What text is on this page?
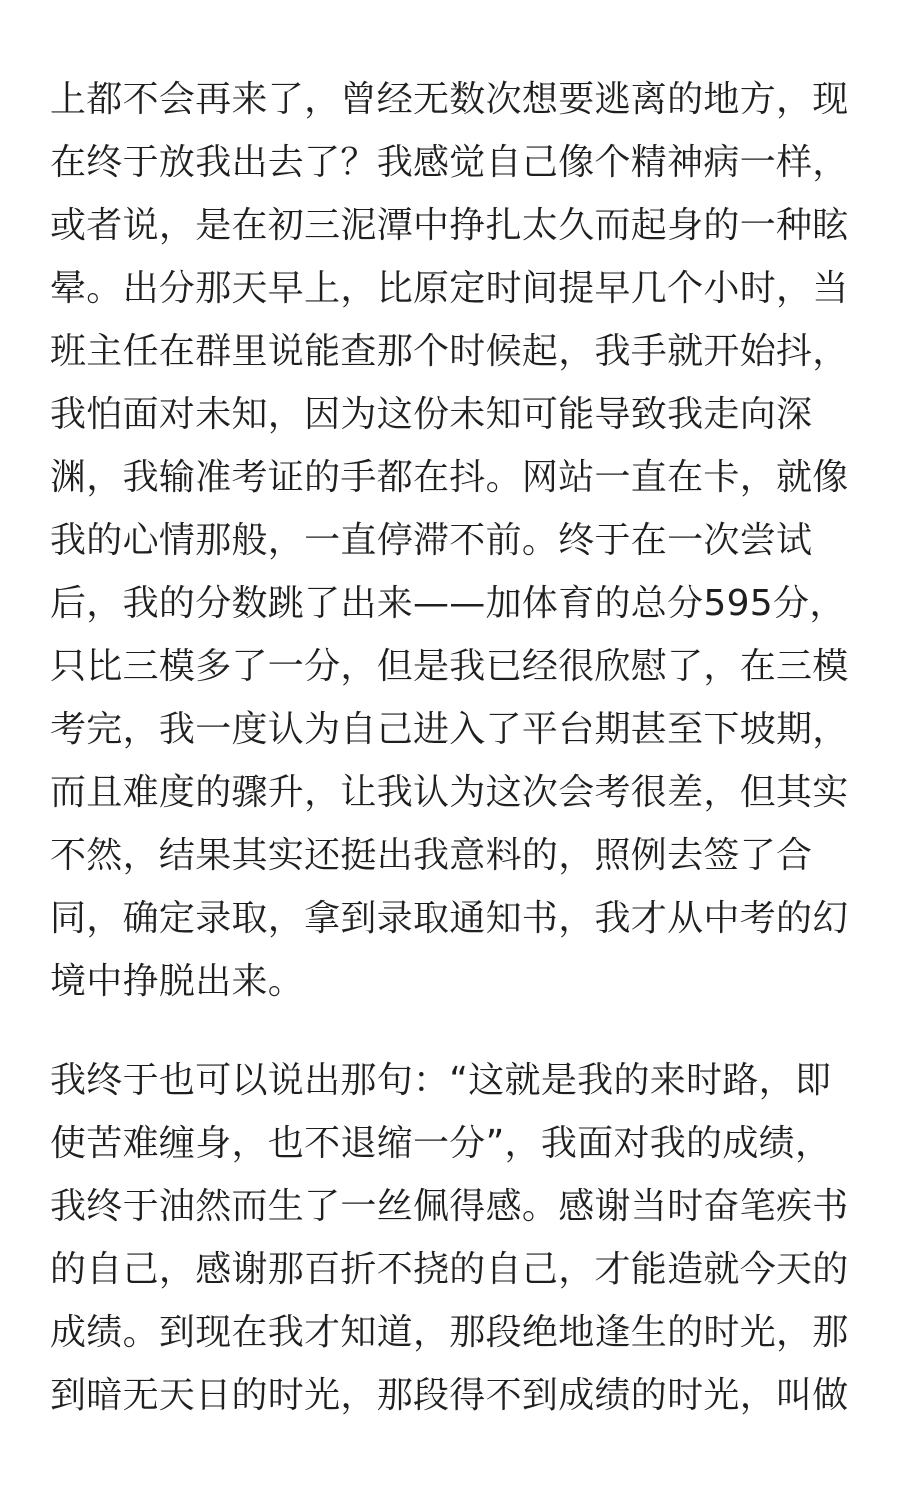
上都不会再来了，曾经无数次想要逃离的地方，现
在终于放我出去了？我感觉自己像个精神病一样，
或者说，是在初三泥潭中挣扎太久而起身的一种眩
晕。出分那天早上，比原定时间提早几个小时，当
班主任在群里说能查那个时候起，我手就开始抖，
我怕面对未知，因为这份未知可能导致我走向深
渊，我输准考证的手都在抖。网站一直在卡，就像
我的心情那般，一直停滞不前。终于在一次尝试
后，我的分数跳了出来——加体育的总分595分，
只比三模多了一分，但是我已经很欣慰了，在三模
考完，我一度认为自己进入了平台期甚至下坡期，
而且难度的骤升，让我认为这次会考很差，但其实
不然，结果其实还挺出我意料的，照例去签了合
同，确定录取，拿到录取通知书，我才从中考的幻
境中挣脱出来。
我终于也可以说出那句：“这就是我的来时路，即
使苦难缠身，也不退缩一分”，我面对我的成绩，
我终于油然而生了一丝佩得感。感谢当时奋笔疾书
的自己，感谢那百折不挠的自己，才能造就今天的
成绩。到现在我才知道，那段绝地逢生的时光，那
到暗无天日的时光，那段得不到成绩的时光，叫做
